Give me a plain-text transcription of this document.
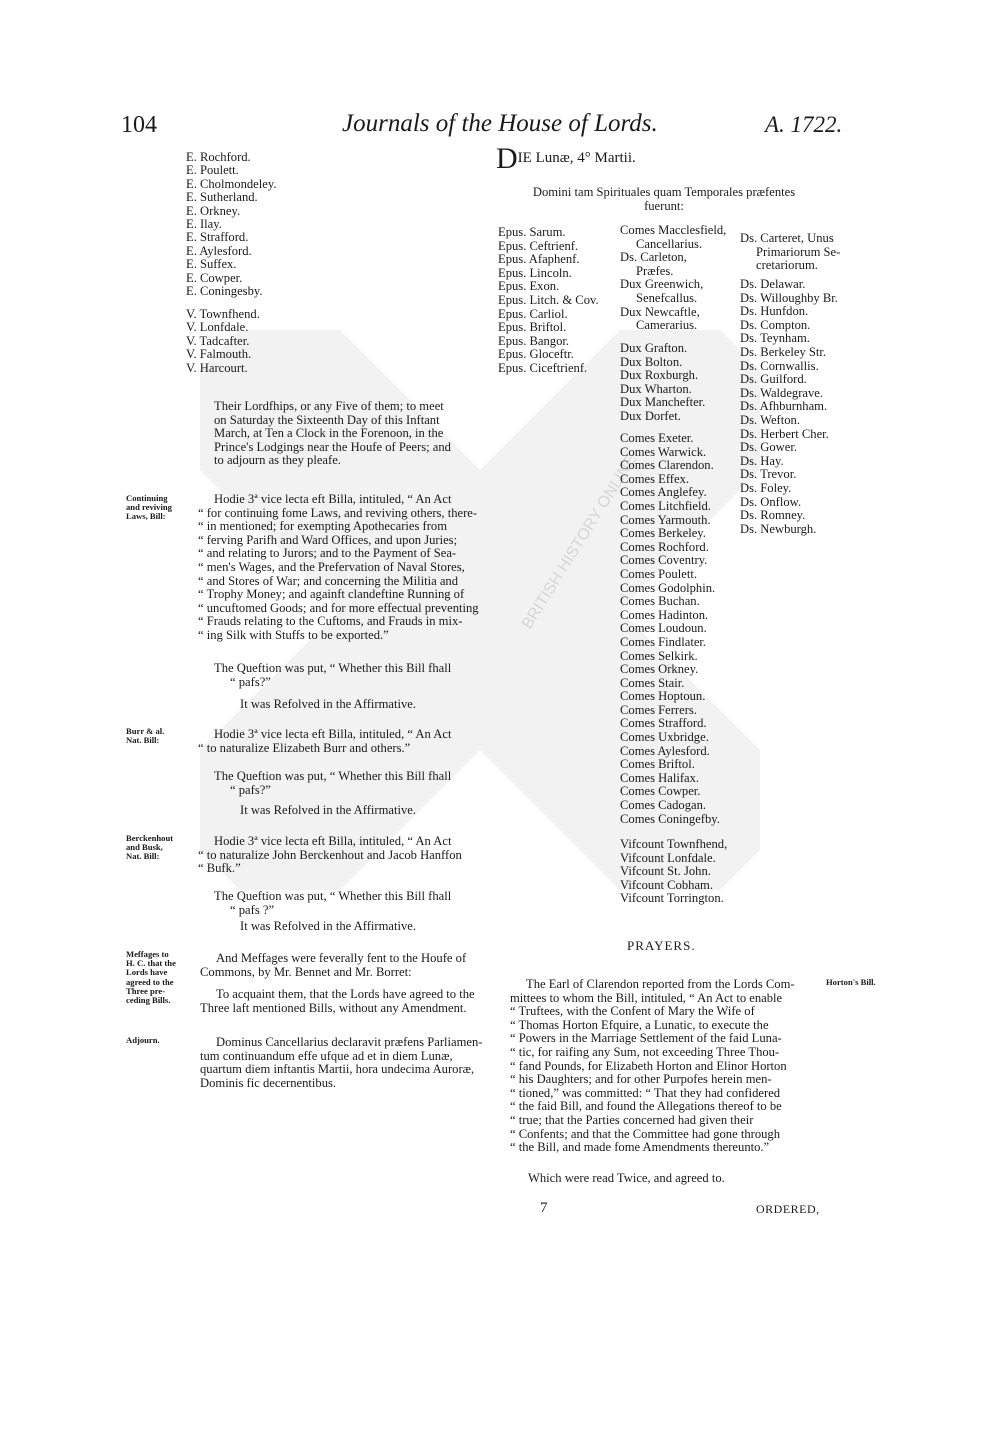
BRITISH HISTORY ONLINE
104	Journals of the House of Lords.	A. 1722.
E. Rochford.
E. Poulett.
E. Cholmondeley.
E. Sutherland.
E. Orkney.
E. Ilay.
E. Strafford.
E. Aylesford.
E. Suffex.
E. Cowper.
E. Coningesby.
V. Townfhend.
V. Lonfdale.
V. Tadcafter.
V. Falmouth.
V. Harcourt.
Their Lordfhips, or any Five of them; to meet
on Saturday the Sixteenth Day of this Inftant
March, at Ten a Clock in the Forenoon, in the
Prince's Lodgings near the Houfe of Peers; and
to adjourn as they pleafe.
Continuing
and reviving
Laws, Bill:
Hodie 3ª vice lecta eft Billa, intituled, “ An Act
“ for continuing fome Laws, and reviving others, there-
“ in mentioned; for exempting Apothecaries from
“ ferving Parifh and Ward Offices, and upon Juries;
“ and relating to Jurors; and to the Payment of Sea-
“ men's Wages, and the Prefervation of Naval Stores,
“ and Stores of War; and concerning the Militia and
“ Trophy Money; and againft clandeftine Running of
“ uncuftomed Goods; and for more effectual preventing
“ Frauds relating to the Cuftoms, and Frauds in mix-
“ ing Silk with Stuffs to be exported.”
The Queftion was put, “ Whether this Bill fhall
“ pafs?”
It was Refolved in the Affirmative.
Burr & al.
Nat. Bill:	Hodie 3ª vice lecta eft Billa, intituled, “ An Act
“ to naturalize Elizabeth Burr and others.”
The Queftion was put, “ Whether this Bill fhall
“ pafs?”
It was Refolved in the Affirmative.
Berckenhout
and Busk,
Nat. Bill:
Hodie 3ª vice lecta eft Billa, intituled, “ An Act
“ to naturalize John Berckenhout and Jacob Hanffon
“ Bufk.”
The Queftion was put, “ Whether this Bill fhall
“ pafs ?”
It was Refolved in the Affirmative.
Meffages to
H. C. that the
Lords have
agreed to the
Three pre-
ceding Bills.
And Meffages were feverally fent to the Houfe of
Commons, by Mr. Bennet and Mr. Borret:
To acquaint them, that the Lords have agreed to the
Three laft mentioned Bills, without any Amendment.
Adjourn.	Dominus Cancellarius declaravit præfens Parliamen-
tum continuandum effe ufque ad et in diem Lunæ,
quartum diem inftantis Martii, hora undecima Auroræ,
Dominis fic decernentibus.
DIE Lunæ, 4° Martii.
Domini tam Spirituales quam Temporales præfentes
fuerunt:
Epus. Sarum.
Epus. Ceftrienf.
Epus. Afaphenf.
Epus. Lincoln.
Epus. Exon.
Epus. Litch. & Cov.
Epus. Carliol.
Epus. Briftol.
Epus. Bangor.
Epus. Gloceftr.
Epus. Ciceftrienf.
Comes Macclesfield,
Cancellarius.
Ds. Carleton,
Præfes.
Dux Greenwich,
Senefcallus.
Dux Newcaftle,
Camerarius.
Dux Grafton.
Dux Bolton.
Dux Roxburgh.
Dux Wharton.
Dux Manchefter.
Dux Dorfet.
Comes Exeter.
Comes Warwick.
Comes Clarendon.
Comes Effex.
Comes Anglefey.
Comes Litchfield.
Comes Yarmouth.
Comes Berkeley.
Comes Rochford.
Comes Coventry.
Comes Poulett.
Comes Godolphin.
Comes Buchan.
Comes Hadinton.
Comes Loudoun.
Comes Findlater.
Comes Selkirk.
Comes Orkney.
Comes Stair.
Comes Hoptoun.
Comes Ferrers.
Comes Strafford.
Comes Uxbridge.
Comes Aylesford.
Comes Briftol.
Comes Halifax.
Comes Cowper.
Comes Cadogan.
Comes Coningefby.
Vifcount Townfhend,
Vifcount Lonfdale.
Vifcount St. John.
Vifcount Cobham.
Vifcount Torrington.
Ds. Carteret, Unus
Primariorum Se-
cretariorum.
Ds. Delawar.
Ds. Willoughby Br.
Ds. Hunfdon.
Ds. Compton.
Ds. Teynham.
Ds. Berkeley Str.
Ds. Cornwallis.
Ds. Guilford.
Ds. Waldegrave.
Ds. Afhburnham.
Ds. Wefton.
Ds. Herbert Cher.
Ds. Gower.
Ds. Hay.
Ds. Trevor.
Ds. Foley.
Ds. Onflow.
Ds. Romney.
Ds. Newburgh.
PRAYERS.
Horton's Bill.
The Earl of Clarendon reported from the Lords Com-
mittees to whom the Bill, intituled, “ An Act to enable
“ Truftees, with the Confent of Mary the Wife of
“ Thomas Horton Efquire, a Lunatic, to execute the
“ Powers in the Marriage Settlement of the faid Luna-
“ tic, for raifing any Sum, not exceeding Three Thou-
“ fand Pounds, for Elizabeth Horton and Elinor Horton
“ his Daughters; and for other Purpofes herein men-
“ tioned,” was committed: “ That they had confidered
“ the faid Bill, and found the Allegations thereof to be
“ true; that the Parties concerned had given their
“ Confents; and that the Committee had gone through
“ the Bill, and made fome Amendments thereunto.”
Which were read Twice, and agreed to.
7	ORDERED,
